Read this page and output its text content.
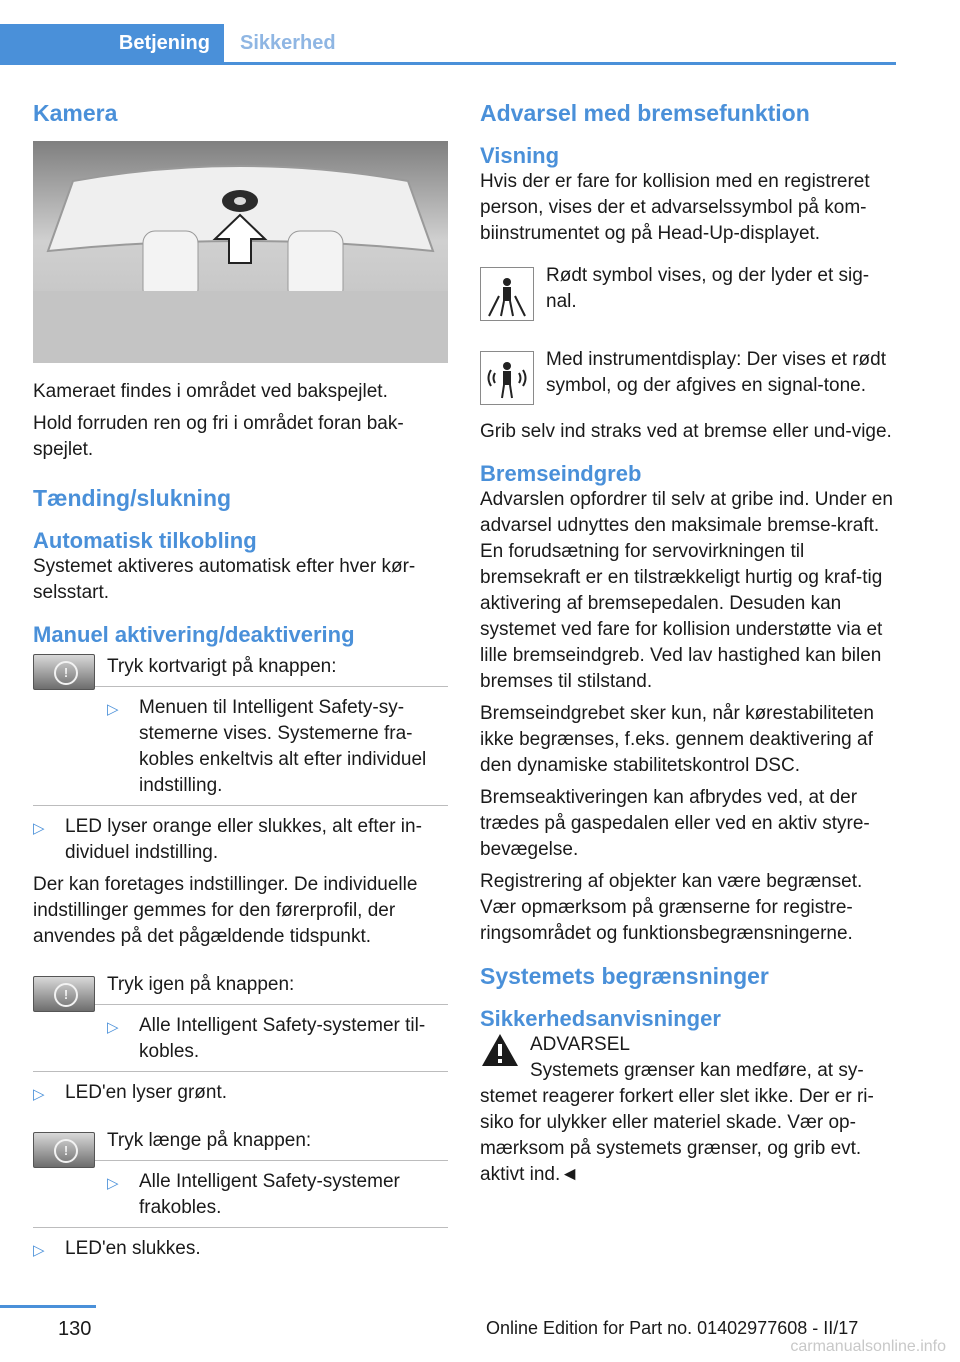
Betjening	Sikkerhed
Kamera

Kameraet findes i området ved bakspejlet.

Hold forruden ren og fri i området foran bak-spejlet.

Tænding/slukning
Automatisk tilkobling

Systemet aktiveres automatisk efter hver kør-selsstart.

Manuel aktivering/deaktivering
!	Tryk kortvarigt på knappen:

▷ Menuen til Intelligent Safety-sy-stemerne vises. Systemerne fra-kobles enkeltvis alt efter individuel indstilling.

▷ LED lyser orange eller slukkes, alt efter in-dividuel indstilling.

Der kan foretages indstillinger. De individuelle indstillinger gemmes for den førerprofil, der anvendes på det pågældende tidspunkt.

!	Tryk igen på knappen:

▷ Alle Intelligent Safety-systemer til-kobles.

▷ LED'en lyser grønt.

!	Tryk længe på knappen:

▷ Alle Intelligent Safety-systemer frakobles.

▷ LED'en slukkes.

Advarsel med bremsefunktion
Visning

Hvis der er fare for kollision med en registreret person, vises der et advarselssymbol på kom-biinstrumentet og på Head-Up-displayet.

Rødt symbol vises, og der lyder et sig-nal.

Med instrumentdisplay: Der vises et rødt symbol, og der afgives en signal-tone.

Grib selv ind straks ved at bremse eller und-vige.

Bremseindgreb

Advarslen opfordrer til selv at gribe ind. Under en advarsel udnyttes den maksimale bremse-kraft. En forudsætning for servovirkningen til bremsekraft er en tilstrækkeligt hurtig og kraf-tig aktivering af bremsepedalen. Desuden kan systemet ved fare for kollision understøtte via et lille bremseindgreb. Ved lav hastighed kan bilen bremses til stilstand.

Bremseindgrebet sker kun, når kørestabiliteten ikke begrænses, f.eks. gennem deaktivering af den dynamiske stabilitetskontrol DSC.

Bremseaktiveringen kan afbrydes ved, at der trædes på gaspedalen eller ved en aktiv styre-bevægelse.

Registrering af objekter kan være begrænset. Vær opmærksom på grænserne for registre-ringsområdet og funktionsbegrænsningerne.

Systemets begrænsninger
Sikkerhedsanvisninger

ADVARSEL

Systemets grænser kan medføre, at sy-stemet reagerer forkert eller slet ikke. Der er ri-siko for ulykker eller materiel skade. Vær op-mærksom på systemets grænser, og grib evt. aktivt ind.◄

130	Online Edition for Part no. 01402977608 - II/17
carmanualsonline.info
